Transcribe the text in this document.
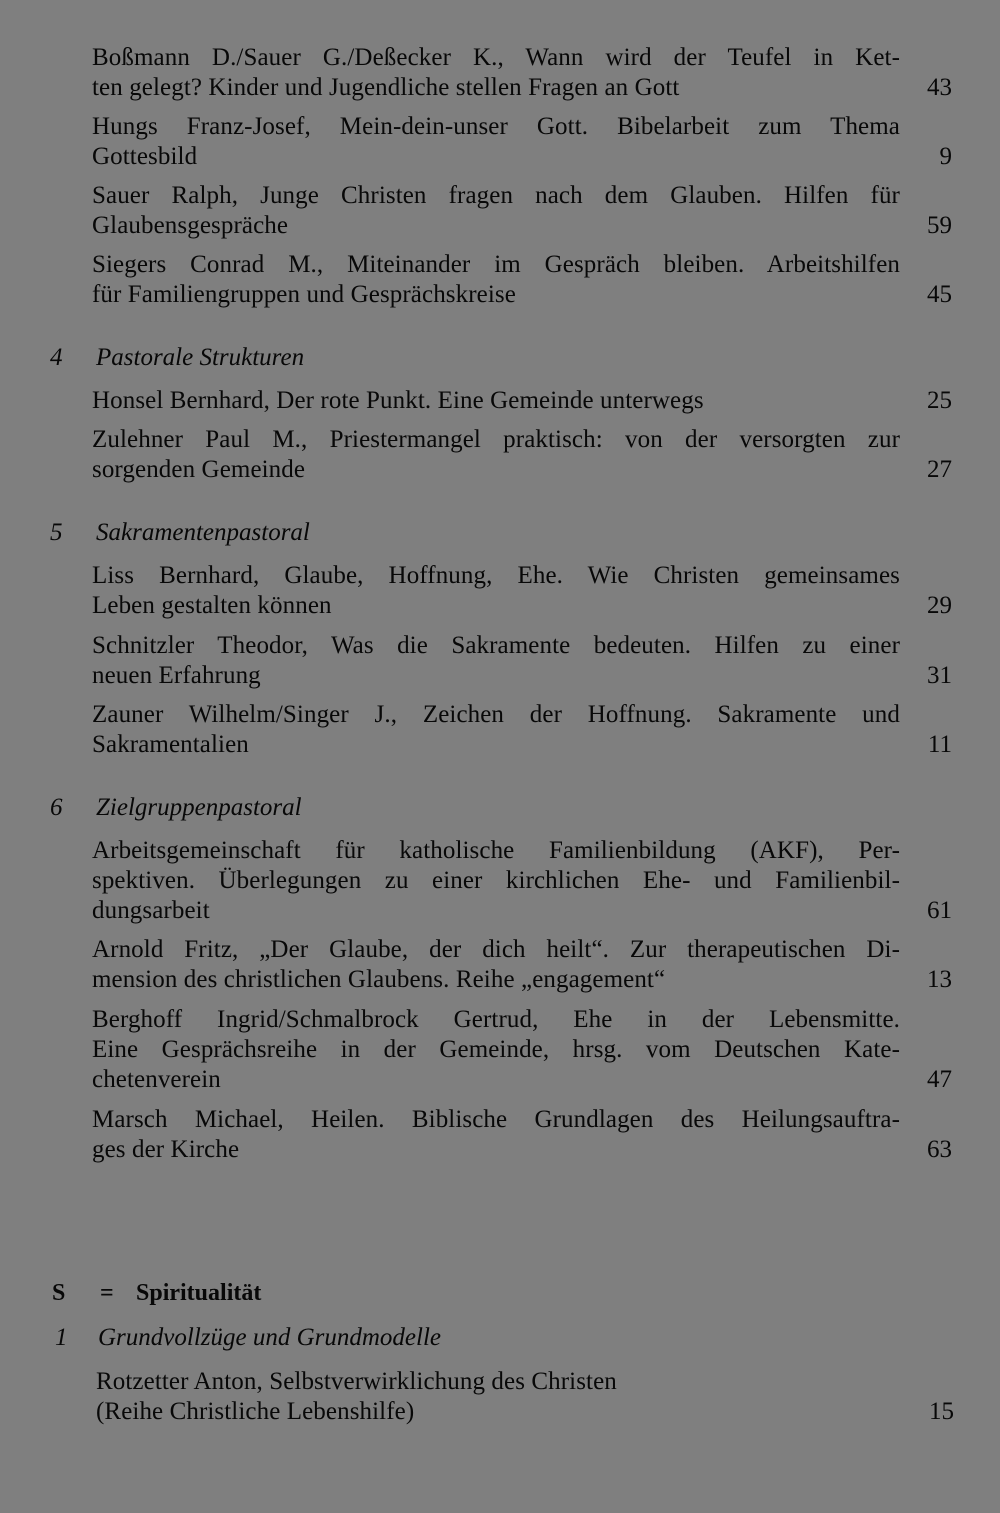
Boßmann D./Sauer G./Deßecker K., Wann wird der Teufel in Ket-
ten gelegt? Kinder und Jugendliche stellen Fragen an Gott	43
Hungs Franz-Josef, Mein-dein-unser Gott. Bibelarbeit zum Thema
Gottesbild	9
Sauer Ralph, Junge Christen fragen nach dem Glauben. Hilfen für
Glaubensgespräche	59
Siegers Conrad M., Miteinander im Gespräch bleiben. Arbeitshilfen
für Familiengruppen und Gesprächskreise	45
4 Pastorale Strukturen
Honsel Bernhard, Der rote Punkt. Eine Gemeinde unterwegs	25
Zulehner Paul M., Priestermangel praktisch: von der versorgten zur
sorgenden Gemeinde	27
5 Sakramentenpastoral
Liss Bernhard, Glaube, Hoffnung, Ehe. Wie Christen gemeinsames
Leben gestalten können	29
Schnitzler Theodor, Was die Sakramente bedeuten. Hilfen zu einer
neuen Erfahrung	31
Zauner Wilhelm/Singer J., Zeichen der Hoffnung. Sakramente und
Sakramentalien	11
6 Zielgruppenpastoral
Arbeitsgemeinschaft für katholische Familienbildung (AKF), Per-
spektiven. Überlegungen zu einer kirchlichen Ehe- und Familienbil-
dungsarbeit	61
Arnold Fritz, „Der Glaube, der dich heilt“. Zur therapeutischen Di-
mension des christlichen Glaubens. Reihe „engagement“	13
Berghoff Ingrid/Schmalbrock Gertrud, Ehe in der Lebensmitte.
Eine Gesprächsreihe in der Gemeinde, hrsg. vom Deutschen Kate-
chetenverein	47
Marsch Michael, Heilen. Biblische Grundlagen des Heilungsauftra-
ges der Kirche	63
S = Spiritualität
1 Grundvollzüge und Grundmodelle
Rotzetter Anton, Selbstverwirklichung des Christen
(Reihe Christliche Lebenshilfe)	15
